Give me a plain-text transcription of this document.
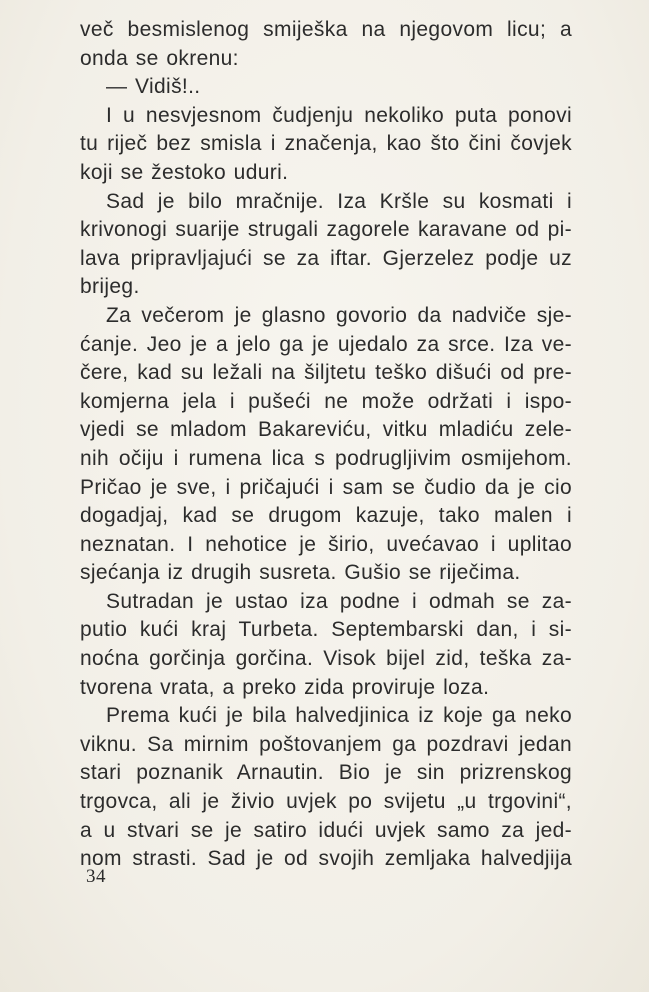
več besmislenog smiješka na njegovom licu; a
onda se okrenu:
— Vidiš!..
I u nesvjesnom čudjenju nekoliko puta ponovi
tu riječ bez smisla i značenja, kao što čini čovjek
koji se žestoko uduri.
Sad je bilo mračnije. Iza Kršle su kosmati i
krivonogi suarije strugali zagorele karavane od pi-
lava pripravljajući se za iftar. Gjerzelez podje uz
brijeg.
Za večerom je glasno govorio da nadviče sje-
ćanje. Jeo je a jelo ga je ujedalo za srce. Iza ve-
čere, kad su ležali na šiljtetu teško dišući od pre-
komjerna jela i pušeći ne može održati i ispo-
vjedi se mladom Bakareviću, vitku mladiću zele-
nih očiju i rumena lica s podrugljivim osmijehom.
Pričao je sve, i pričajući i sam se čudio da je cio
dogadjaj, kad se drugom kazuje, tako malen i
neznatan. I nehotice je širio, uvećavao i uplitao
sjećanja iz drugih susreta. Gušio se riječima.
Sutradan je ustao iza podne i odmah se za-
putio kući kraj Turbeta. Septembarski dan, i si-
noćna gorčinja gorčina. Visok bijel zid, teška za-
tvorena vrata, a preko zida proviruje loza.
Prema kući je bila halvedjinica iz koje ga neko
viknu. Sa mirnim poštovanjem ga pozdravi jedan
stari poznanik Arnautin. Bio je sin prizrenskog
trgovca, ali je živio uvjek po svijetu „u trgovini“,
a u stvari se je satiro idući uvjek samo za jed-
nom strasti. Sad je od svojih zemljaka halvedjija
34
